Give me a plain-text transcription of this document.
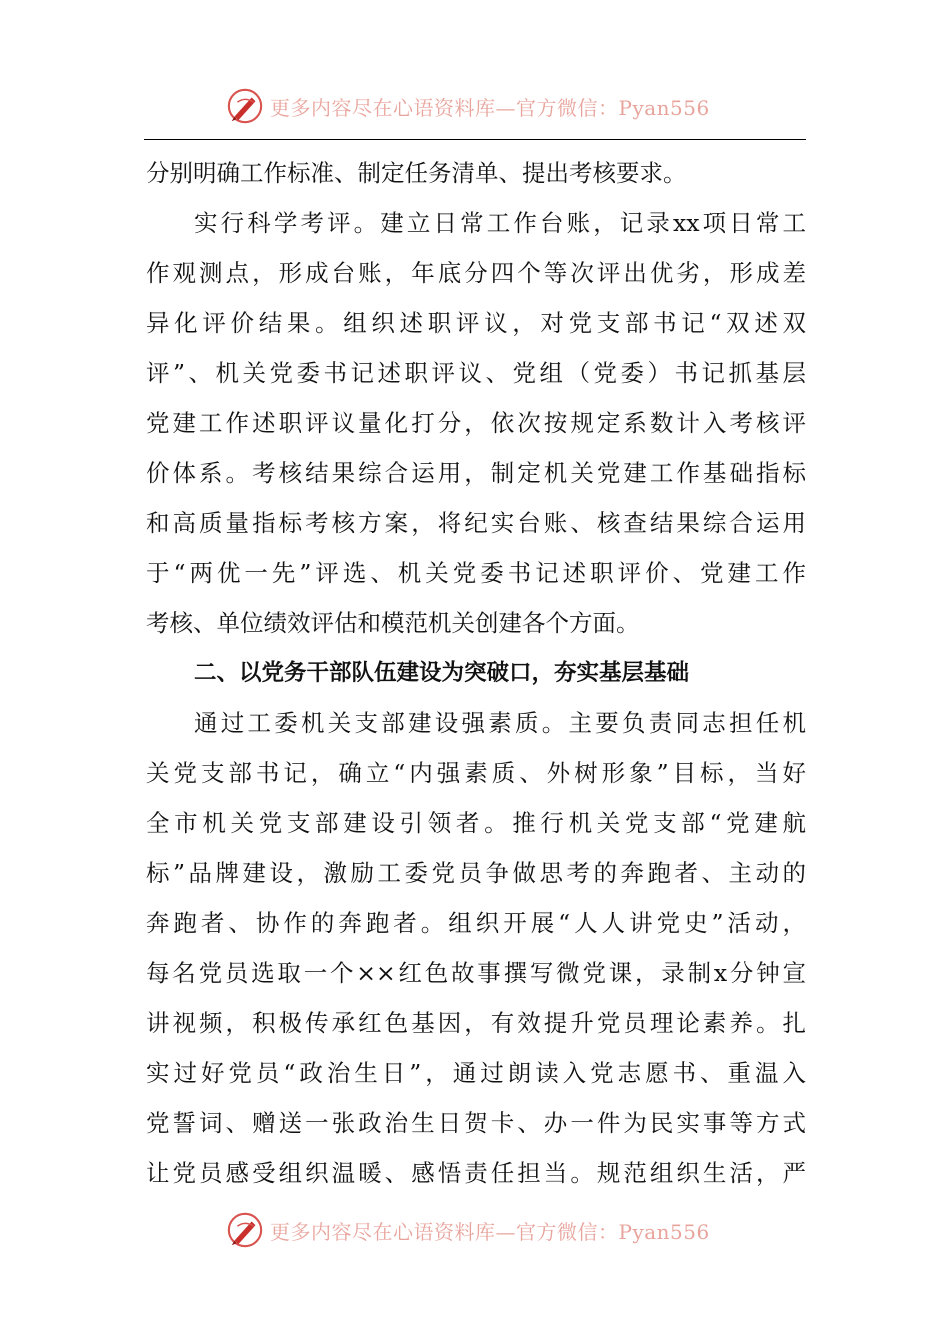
更多内容尽在心语资料库—官方微信：Pyan556
分别明确工作标准、制定任务清单、提出考核要求。
实行科学考评。建立日常工作台账，记录xx项日常工
作观测点，形成台账，年底分四个等次评出优劣，形成差
异化评价结果。组织述职评议，对党支部书记“双述双
评”、机关党委书记述职评议、党组（党委）书记抓基层
党建工作述职评议量化打分，依次按规定系数计入考核评
价体系。考核结果综合运用，制定机关党建工作基础指标
和高质量指标考核方案，将纪实台账、核查结果综合运用
于“两优一先”评选、机关党委书记述职评价、党建工作
考核、单位绩效评估和模范机关创建各个方面。
二、以党务干部队伍建设为突破口，夯实基层基础
通过工委机关支部建设强素质。主要负责同志担任机
关党支部书记，确立“内强素质、外树形象”目标，当好
全市机关党支部建设引领者。推行机关党支部“党建航
标”品牌建设，激励工委党员争做思考的奔跑者、主动的
奔跑者、协作的奔跑者。组织开展“人人讲党史”活动，
每名党员选取一个××红色故事撰写微党课，录制x分钟宣
讲视频，积极传承红色基因，有效提升党员理论素养。扎
实过好党员“政治生日”，通过朗读入党志愿书、重温入
党誓词、赠送一张政治生日贺卡、办一件为民实事等方式
让党员感受组织温暖、感悟责任担当。规范组织生活，严
更多内容尽在心语资料库—官方微信：Pyan556
